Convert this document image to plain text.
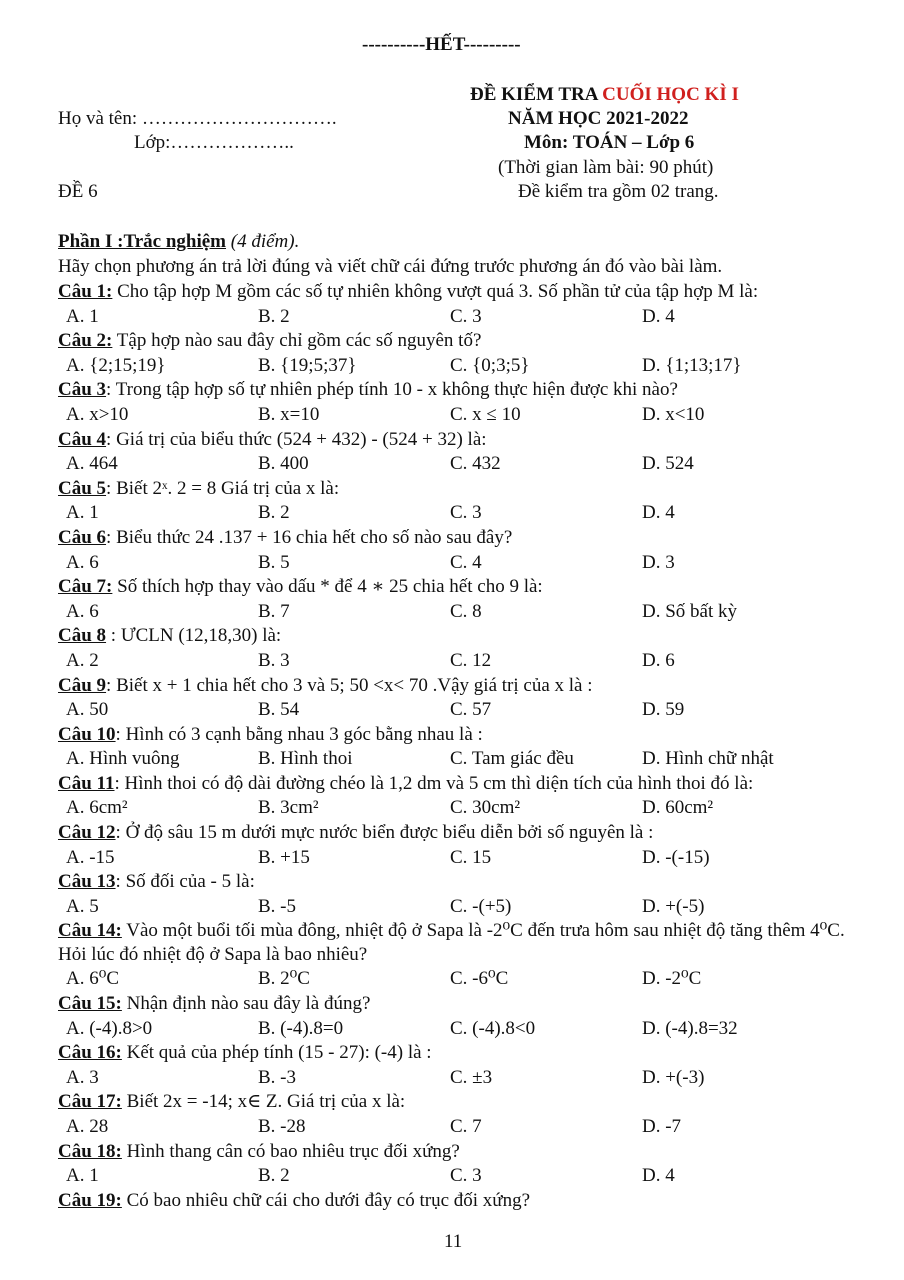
----------HẾT---------
ĐỀ KIỂM TRA CUỐI HỌC KÌ I
Họ và tên: ………………………….	NĂM HỌC 2021-2022
Lớp:………………..	Môn: TOÁN – Lớp 6
(Thời gian làm bài: 90 phút)
ĐỀ 6	Đề kiểm tra gồm 02 trang.
Phần I :Trắc nghiệm (4 điểm).
Hãy chọn phương án trả lời đúng và viết chữ cái đứng trước phương án đó vào bài làm.
Câu 1: Cho tập hợp M gồm các số tự nhiên không vượt quá 3. Số phần tử của tập hợp M là:
A. 1	B. 2	C. 3	D. 4
Câu 2: Tập hợp nào sau đây chỉ gồm các số nguyên tố?
A. {2;15;19}	B. {19;5;37}	C. {0;3;5}	D. {1;13;17}
Câu 3: Trong tập hợp số tự nhiên phép tính 10 - x không thực hiện được khi nào?
A. x>10	B. x=10	C. x ≤ 10	D. x<10
Câu 4: Giá trị của biểu thức (524 + 432) - (524 + 32) là:
A. 464	B. 400	C. 432	D. 524
Câu 5: Biết 2ˣ. 2 = 8 Giá trị của x là:
A. 1	B. 2	C. 3	D. 4
Câu 6: Biểu thức 24 .137 + 16 chia hết cho số nào sau đây?
A. 6	B. 5	C. 4	D. 3
Câu 7: Số thích hợp thay vào dấu * để 4 ∗ 25 chia hết cho 9 là:
A. 6	B. 7	C. 8	D. Số bất kỳ
Câu 8 : ƯCLN (12,18,30) là:
A. 2	B. 3	C. 12	D. 6
Câu 9: Biết x + 1 chia hết cho 3 và 5; 50 <x< 70 .Vậy giá trị của x là :
A. 50	B. 54	C. 57	D. 59
Câu 10: Hình có 3 cạnh bằng nhau 3 góc bằng nhau là :
A. Hình vuông	B. Hình thoi	C. Tam giác đều	D. Hình chữ nhật
Câu 11: Hình thoi có độ dài đường chéo là 1,2 dm và 5 cm thì diện tích của hình thoi đó là:
A. 6cm²	B. 3cm²	C. 30cm²	D. 60cm²
Câu 12: Ở độ sâu 15 m dưới mực nước biển được biểu diễn bởi số nguyên là :
A. -15	B. +15	C. 15	D. -(-15)
Câu 13: Số đối của - 5 là:
A. 5	B. -5	C. -(+5)	D. +(-5)
Câu 14: Vào một buổi tối mùa đông, nhiệt độ ở Sapa là -2⁰C đến trưa hôm sau nhiệt độ tăng thêm 4⁰C. Hỏi lúc đó nhiệt độ ở Sapa là bao nhiêu?
A. 6⁰C	B. 2⁰C	C. -6⁰C	D. -2⁰C
Câu 15: Nhận định nào sau đây là đúng?
A. (-4).8>0	B. (-4).8=0	C. (-4).8<0	D. (-4).8=32
Câu 16: Kết quả của phép tính (15 - 27): (-4) là :
A. 3	B. -3	C. ±3	D. +(-3)
Câu 17: Biết 2x = -14; x∈ Z. Giá trị của x là:
A. 28	B. -28	C. 7	D. -7
Câu 18: Hình thang cân có bao nhiêu trục đối xứng?
A. 1	B. 2	C. 3	D. 4
Câu 19: Có bao nhiêu chữ cái cho dưới đây có trục đối xứng?
11
